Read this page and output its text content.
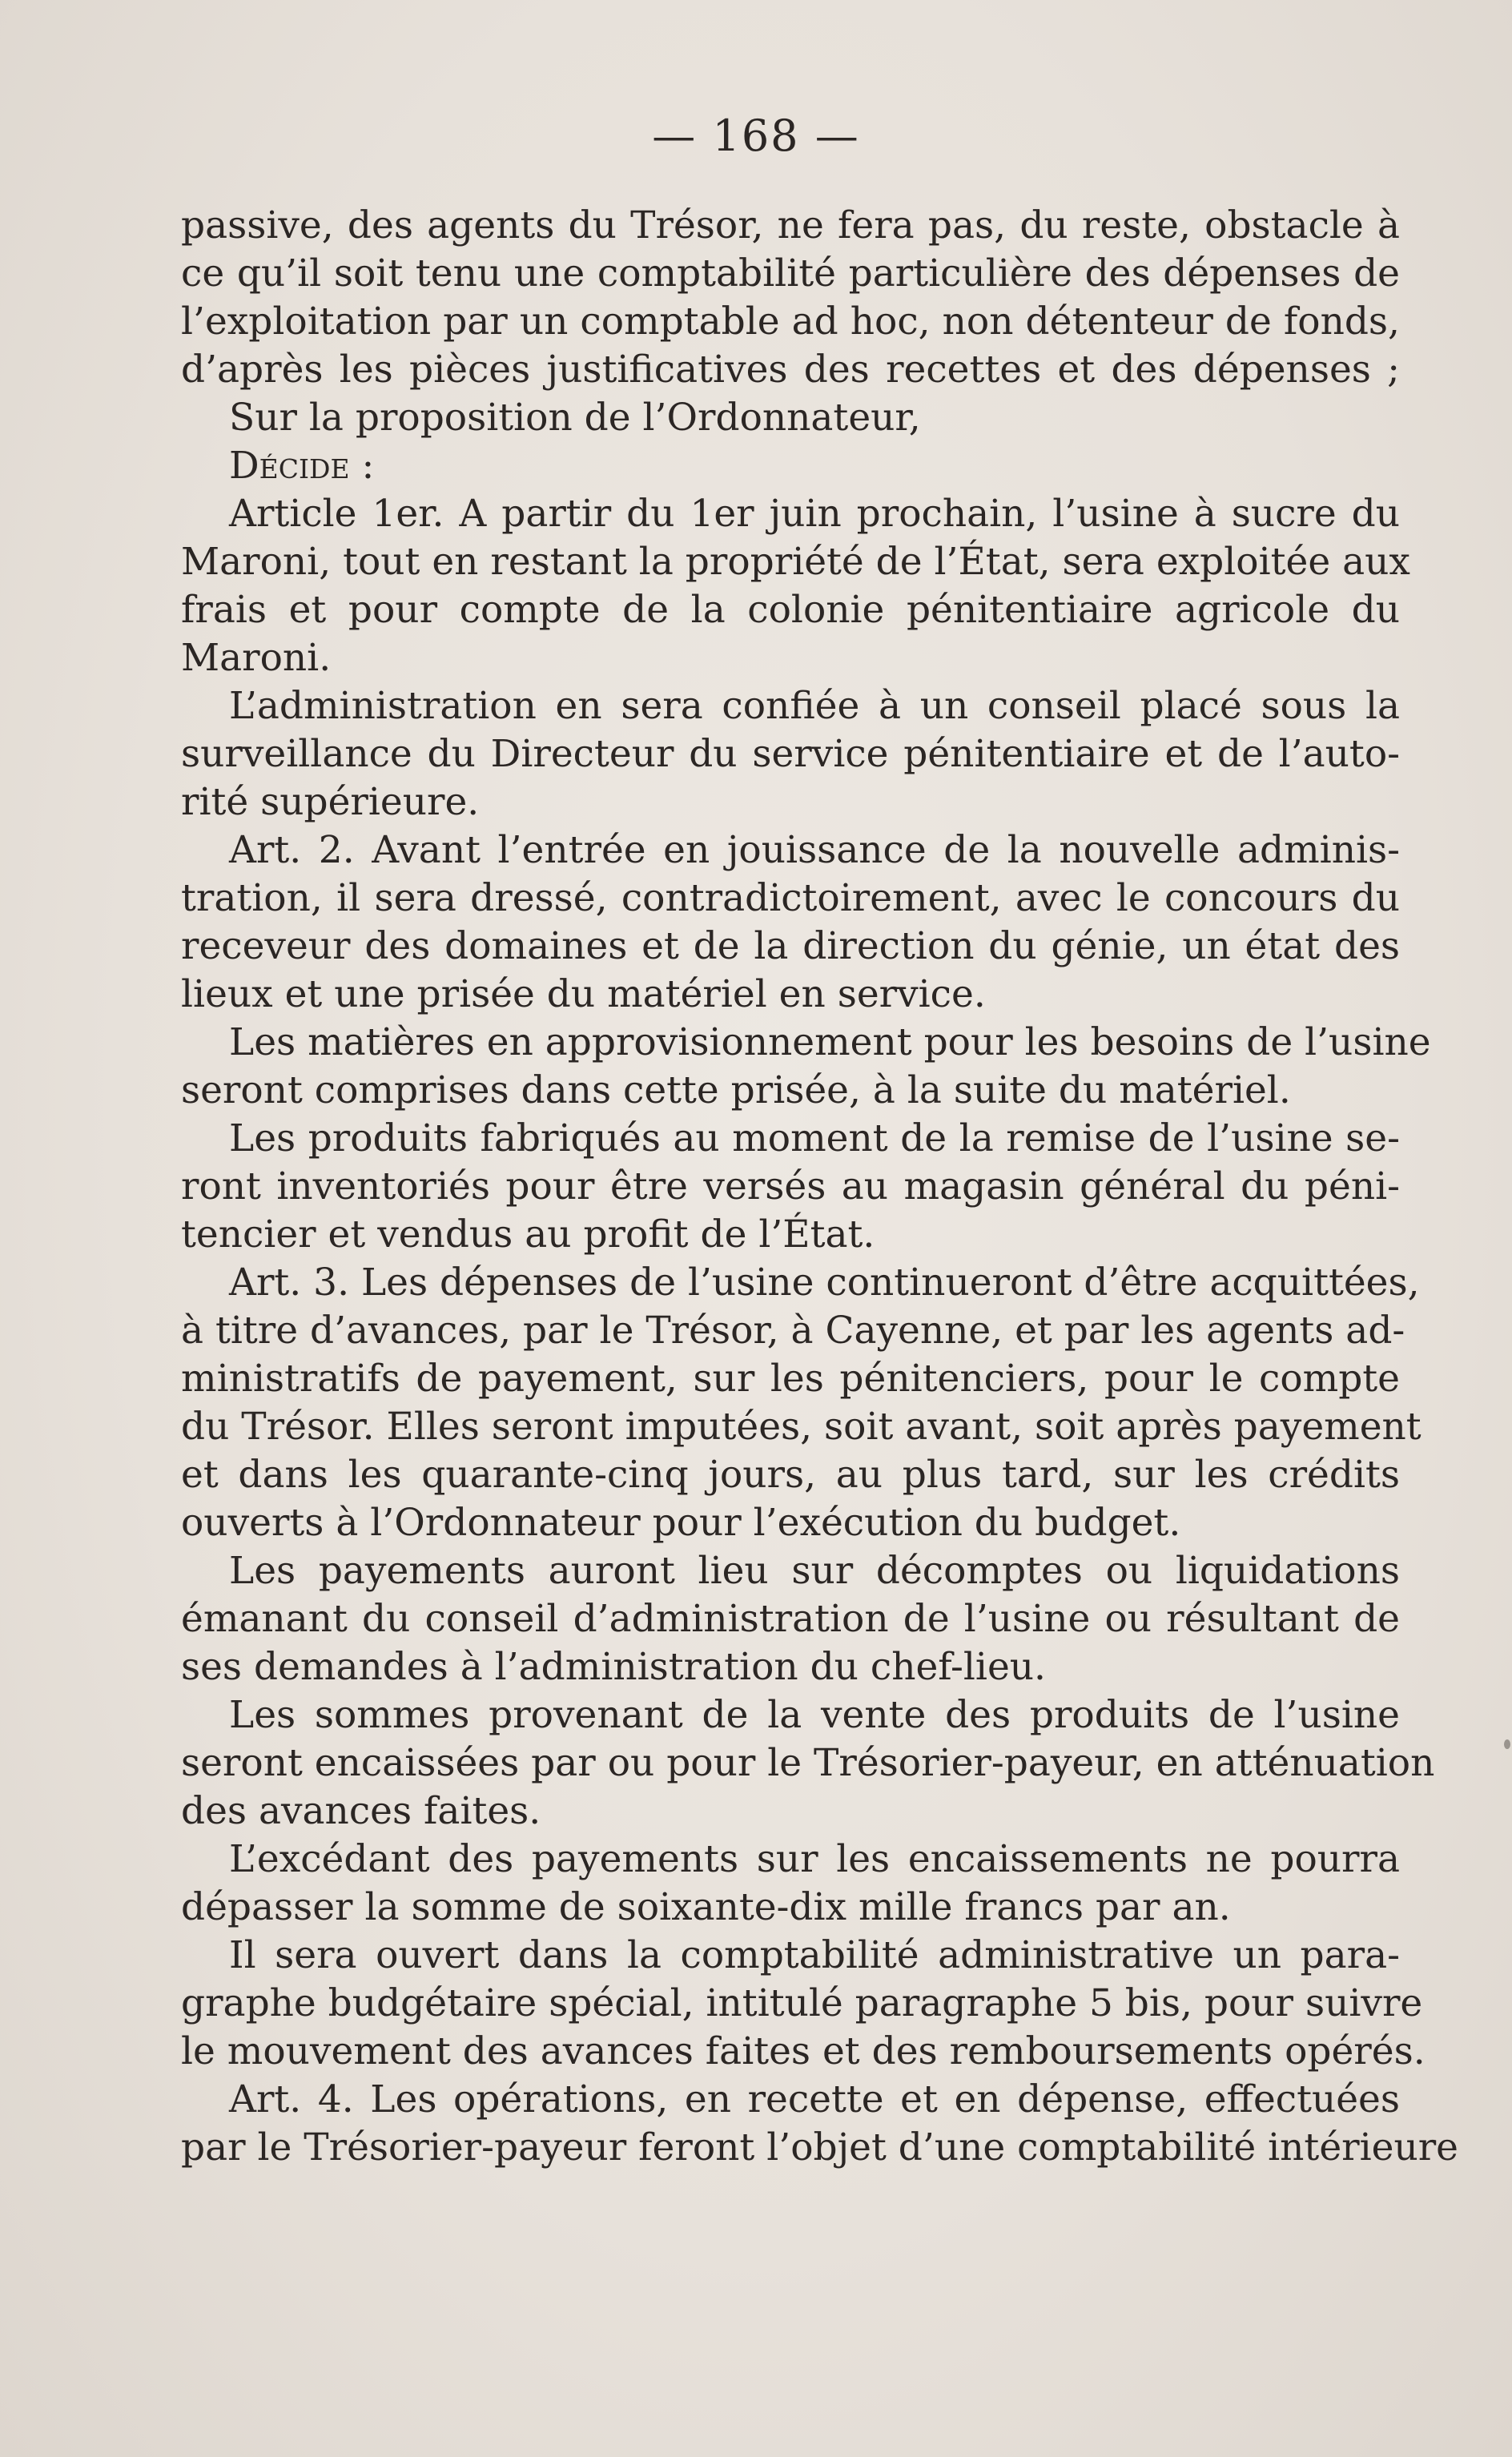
— 168 —
passive, des agents du Trésor, ne fera pas, du reste, obstacle à
ce qu’il soit tenu une comptabilité particulière des dépenses de
l’exploitation par un comptable ad hoc, non détenteur de fonds,
d’après les pièces justificatives des recettes et des dépenses ;
Sur la proposition de l’Ordonnateur,
Décide :
Article 1er. A partir du 1er juin prochain, l’usine à sucre du
Maroni, tout en restant la propriété de l’État, sera exploitée aux
frais et pour compte de la colonie pénitentiaire agricole du
Maroni.
L’administration en sera confiée à un conseil placé sous la
surveillance du Directeur du service pénitentiaire et de l’auto-
rité supérieure.
Art. 2. Avant l’entrée en jouissance de la nouvelle adminis-
tration, il sera dressé, contradictoirement, avec le concours du
receveur des domaines et de la direction du génie, un état des
lieux et une prisée du matériel en service.
Les matières en approvisionnement pour les besoins de l’usine
seront comprises dans cette prisée, à la suite du matériel.
Les produits fabriqués au moment de la remise de l’usine se-
ront inventoriés pour être versés au magasin général du péni-
tencier et vendus au profit de l’État.
Art. 3. Les dépenses de l’usine continueront d’être acquittées,
à titre d’avances, par le Trésor, à Cayenne, et par les agents ad-
ministratifs de payement, sur les pénitenciers, pour le compte
du Trésor. Elles seront imputées, soit avant, soit après payement
et dans les quarante-cinq jours, au plus tard, sur les crédits
ouverts à l’Ordonnateur pour l’exécution du budget.
Les payements auront lieu sur décomptes ou liquidations
émanant du conseil d’administration de l’usine ou résultant de
ses demandes à l’administration du chef-lieu.
Les sommes provenant de la vente des produits de l’usine
seront encaissées par ou pour le Trésorier-payeur, en atténuation
des avances faites.
L’excédant des payements sur les encaissements ne pourra
dépasser la somme de soixante-dix mille francs par an.
Il sera ouvert dans la comptabilité administrative un para-
graphe budgétaire spécial, intitulé paragraphe 5 bis, pour suivre
le mouvement des avances faites et des remboursements opérés.
Art. 4. Les opérations, en recette et en dépense, effectuées
par le Trésorier-payeur feront l’objet d’une comptabilité intérieure
